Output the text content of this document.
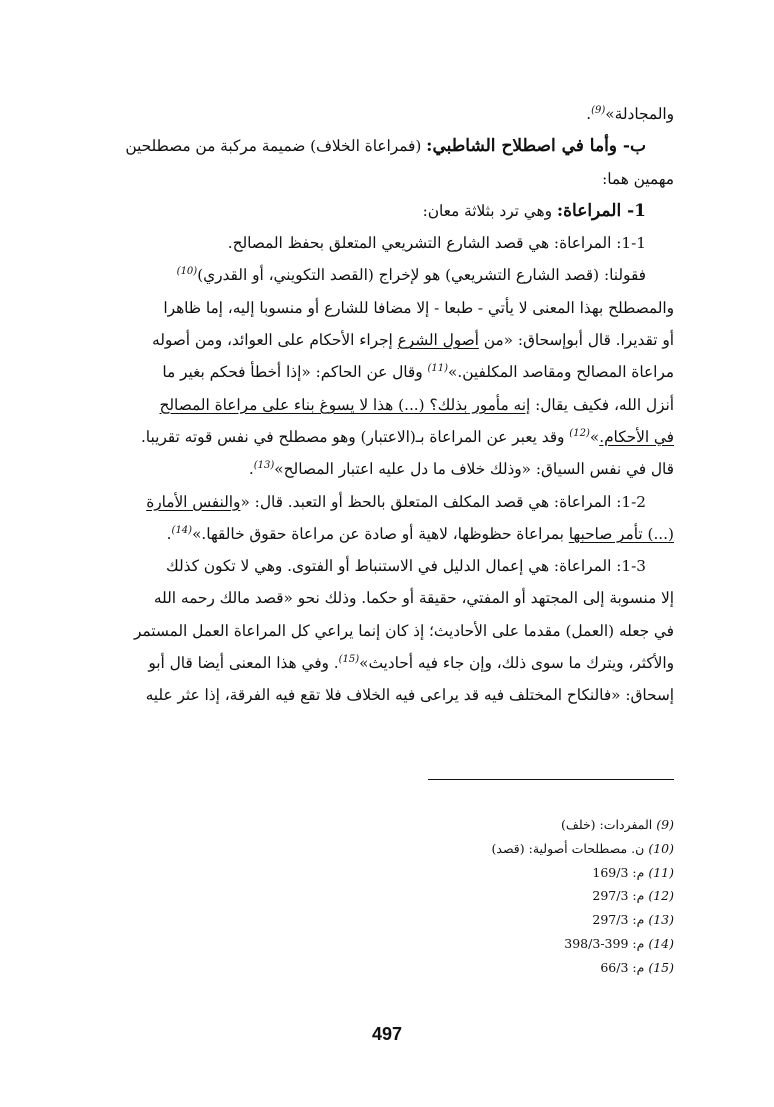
والمجادلة»$^{(9)}$.
ب- وأما في اصطلاح الشاطبي: (فمراعاة الخلاف) ضميمة مركبة من مصطلحين
مهمين هما:
1- المراعاة: وهي ترد بثلاثة معان:
1-1: المراعاة: هي قصد الشارع التشريعي المتعلق بحفظ المصالح.
فقولنا: (قصد الشارع التشريعي) هو لإخراج (القصد التكويني، أو القدري)$^{(10)}$
والمصطلح بهذا المعنى لا يأتي - طبعا - إلا مضافا للشارع أو منسوبا إليه، إما ظاهرا
أو تقديرا. قال أبوإسحاق: «من أصول الشرع إجراء الأحكام على العوائد، ومن أصوله
مراعاة المصالح ومقاصد المكلفين.»$^{(11)}$ وقال عن الحاكم: «إذا أخطأ فحكم بغير ما
أنزل الله، فكيف يقال: إنه مأمور بذلك؟ (...) هذا لا يسوغ بناء على مراعاة المصالح
في الأحكام.»$^{(12)}$ وقد يعبر عن المراعاة بـ(الاعتبار) وهو مصطلح في نفس قوته تقريبا.
قال في نفس السياق: «وذلك خلاف ما دل عليه اعتبار المصالح»$^{(13)}$.
1-2: المراعاة: هي قصد المكلف المتعلق بالحظ أو التعبد. قال: «والنفس الأمارة
(...) تأمر صاحبها بمراعاة حظوظها، لاهية أو صادة عن مراعاة حقوق خالقها.»$^{(14)}$.
1-3: المراعاة: هي إعمال الدليل في الاستنباط أو الفتوى. وهي لا تكون كذلك
إلا منسوبة إلى المجتهد أو المفتي، حقيقة أو حكما. وذلك نحو «قصد مالك رحمه الله
في جعله (العمل) مقدما على الأحاديث؛ إذ كان إنما يراعي كل المراعاة العمل المستمر
والأكثر، ويترك ما سوى ذلك، وإن جاء فيه أحاديث»$^{(15)}$. وفي هذا المعنى أيضا قال أبو
إسحاق: «فالنكاح المختلف فيه قد يراعى فيه الخلاف فلا تقع فيه الفرقة، إذا عثر عليه
(9) المفردات: (خلف)
(10) ن. مصطلحات أصولية: (قصد)
(11) م: 169/3
(12) م: 297/3
(13) م: 297/3
(14) م: 399-398/3
(15) م: 66/3
497
